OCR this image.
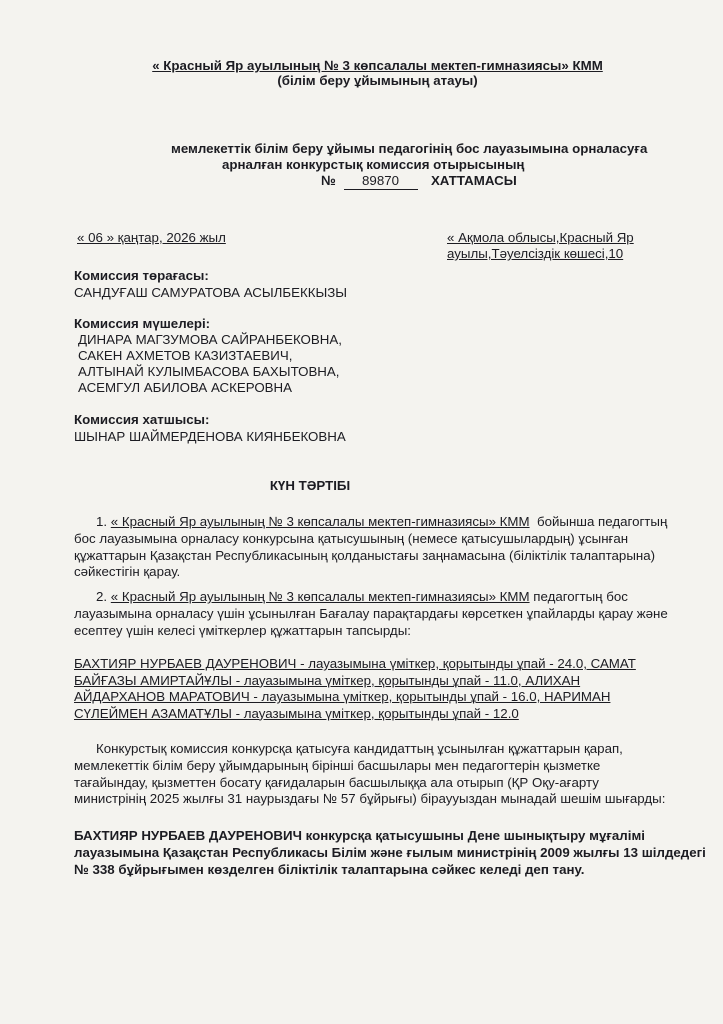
« Красный Яр ауылының № 3 көпсалалы мектеп-гимназиясы» КММ
(білім беру ұйымының атауы)
мемлекеттік білім беру ұйымы педагогінің бос лауазымына орналасуға
арналған конкурстық комиссия отырысының
№ 89870 ХАТТАМАСЫ
« 06 » қаңтар, 2026 жыл	« Ақмола облысы,Красный Яр
ауылы,Тәуелсіздік көшесі,10
Комиссия төрағасы:
САНДУҒАШ САМУРАТОВА АСЫЛБЕККЫЗЫ
Комиссия мүшелері:
ДИНАРА МАГЗУМОВА САЙРАНБЕКОВНА,
САКЕН АХМЕТОВ КАЗИЗТАЕВИЧ,
АЛТЫНАЙ КУЛЫМБАСОВА БАХЫТОВНА,
АСЕМГУЛ АБИЛОВА АСКЕРОВНА
Комиссия хатшысы:
ШЫНАР ШАЙМЕРДЕНОВА КИЯНБЕКОВНА
КҮН ТӘРТІБІ
1. « Красный Яр ауылының № 3 көпсалалы мектеп-гимназиясы» КММ бойынша педагогтың бос лауазымына орналасу конкурсына қатысушының (немесе қатысушылардың) ұсынған құжаттарын Қазақстан Республикасының қолданыстағы заңнамасына (біліктілік талаптарына) сәйкестігін қарау.
2. « Красный Яр ауылының № 3 көпсалалы мектеп-гимназиясы» КММ педагогтың бос лауазымына орналасу үшін ұсынылған Бағалау парақтардағы көрсеткен ұпайларды қарау және есептеу үшін келесі үміткерлер құжаттарын тапсырды:
БАХТИЯР НУРБАЕВ ДАУРЕНОВИЧ - лауазымына үміткер, қорытынды ұпай - 24.0, САМАТ БАЙҒАЗЫ АМИРТАЙҰЛЫ - лауазымына үміткер, қорытынды ұпай - 11.0, АЛИХАН АЙДАРХАНОВ МАРАТОВИЧ - лауазымына үміткер, қорытынды ұпай - 16.0, НАРИМАН СҮЛЕЙМЕН АЗАМАТҰЛЫ - лауазымына үміткер, қорытынды ұпай - 12.0
Конкурстық комиссия конкурсқа қатысуға кандидаттың ұсынылған құжаттарын қарап, мемлекеттік білім беру ұйымдарының бірінші басшылары мен педагогтерін қызметке тағайындау, қызметтен босату қағидаларын басшылыққа ала отырып (ҚР Оқу-ағарту министрінің 2025 жылғы 31 наурыздағы № 57 бұйрығы) біраууыздан мынадай шешім шығарды:
БАХТИЯР НУРБАЕВ ДАУРЕНОВИЧ конкурсқа қатысушыны Дене шынықтыру мұғалімі лауазымына Қазақстан Республикасы Білім және ғылым министрінің 2009 жылғы 13 шілдедегі № 338 бұйрығымен көзделген біліктілік талаптарына сәйкес келеді деп тану.
